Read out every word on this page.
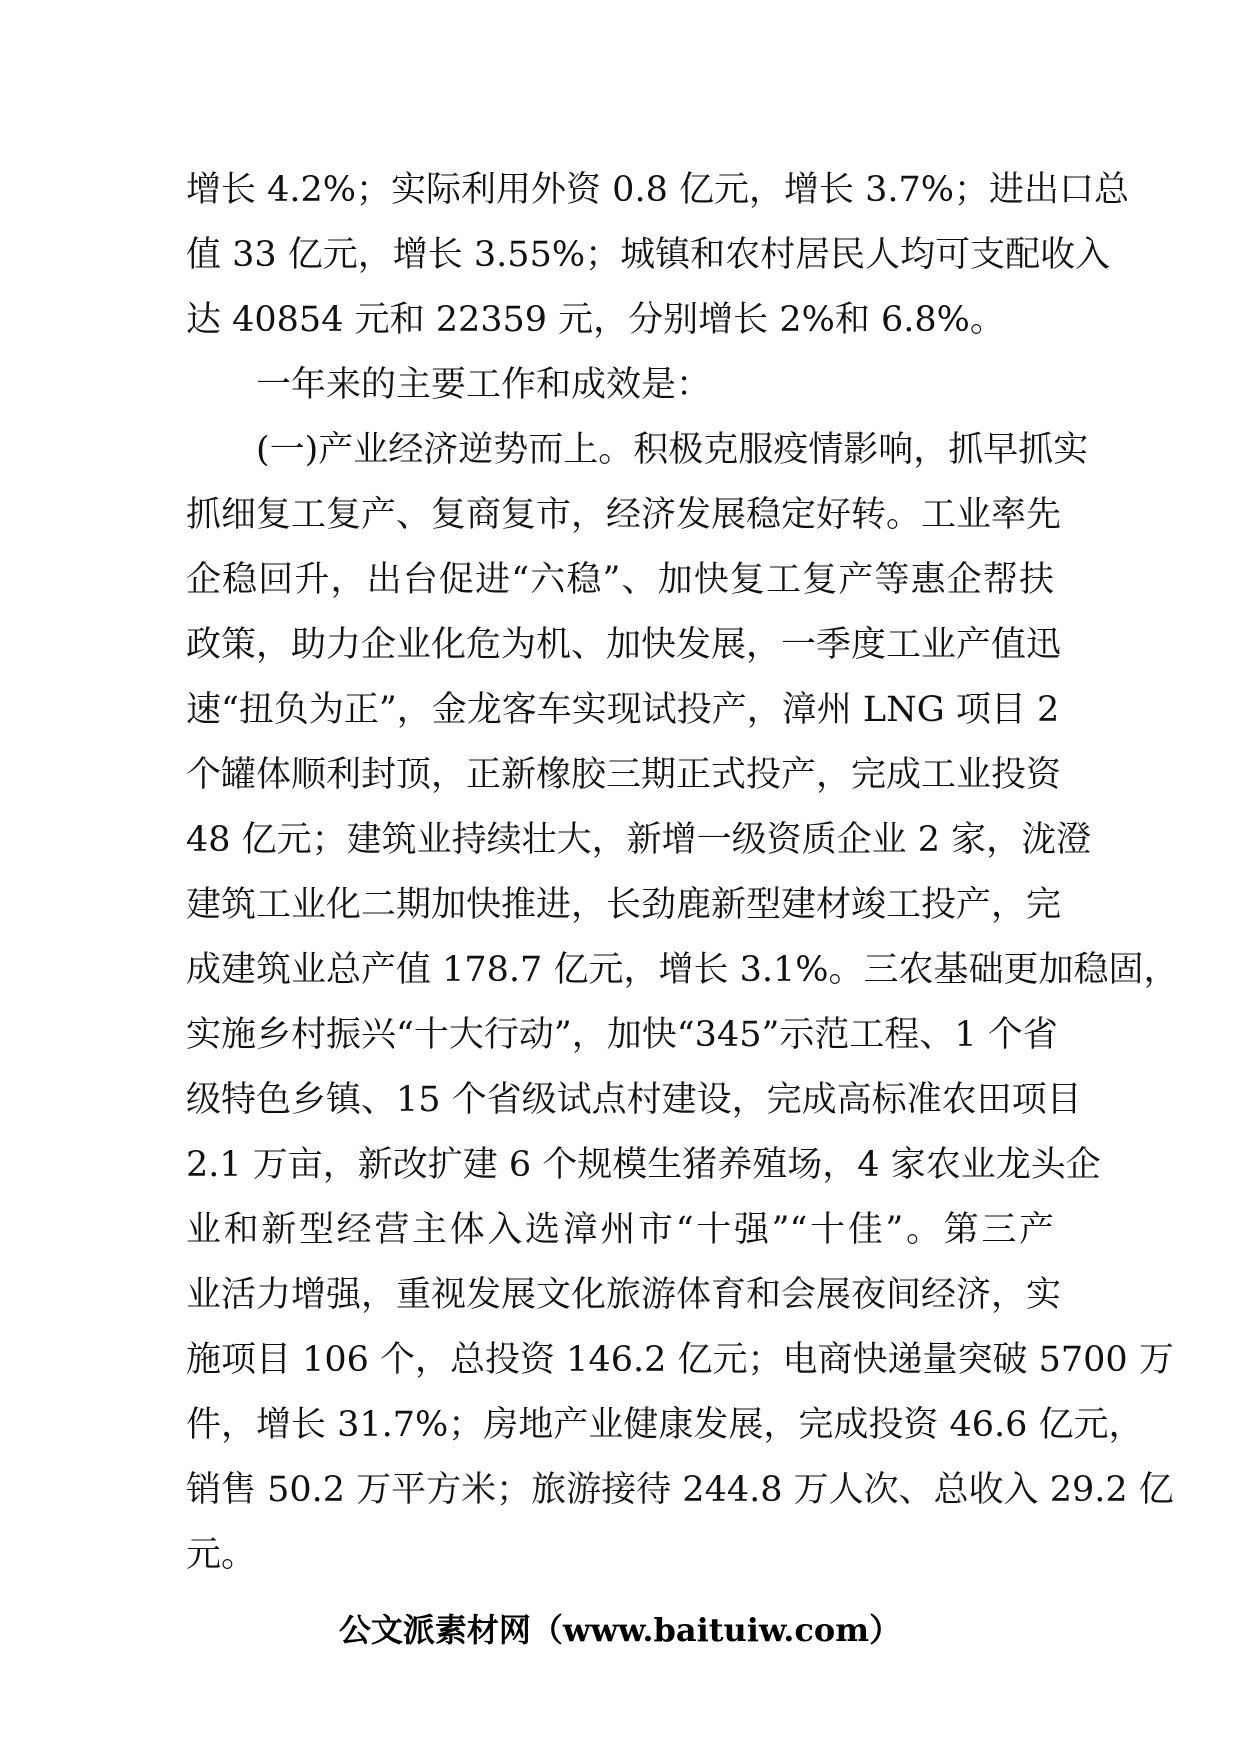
增长 4.2%；实际利用外资 0.8 亿元，增长 3.7%；进出口总
值 33 亿元，增长 3.55%；城镇和农村居民人均可支配收入
达 40854 元和 22359 元，分别增长 2%和 6.8%。
一年来的主要工作和成效是：
(一)产业经济逆势而上。积极克服疫情影响，抓早抓实
抓细复工复产、复商复市，经济发展稳定好转。工业率先
企稳回升，出台促进“六稳”、加快复工复产等惠企帮扶
政策，助力企业化危为机、加快发展，一季度工业产值迅
速“扭负为正”，金龙客车实现试投产，漳州 LNG 项目 2
个罐体顺利封顶，正新橡胶三期正式投产，完成工业投资
48 亿元；建筑业持续壮大，新增一级资质企业 2 家，泷澄
建筑工业化二期加快推进，长劲鹿新型建材竣工投产，完
成建筑业总产值 178.7 亿元，增长 3.1%。三农基础更加稳固，
实施乡村振兴“十大行动”，加快“345”示范工程、1 个省
级特色乡镇、15 个省级试点村建设，完成高标准农田项目
2.1 万亩，新改扩建 6 个规模生猪养殖场，4 家农业龙头企
业和新型经营主体入选漳州市“十强”“十佳”。第三产
业活力增强，重视发展文化旅游体育和会展夜间经济，实
施项目 106 个，总投资 146.2 亿元；电商快递量突破 5700 万
件，增长 31.7%；房地产业健康发展，完成投资 46.6 亿元，
销售 50.2 万平方米；旅游接待 244.8 万人次、总收入 29.2 亿
元。
公文派素材网（www.baituiw.com）
